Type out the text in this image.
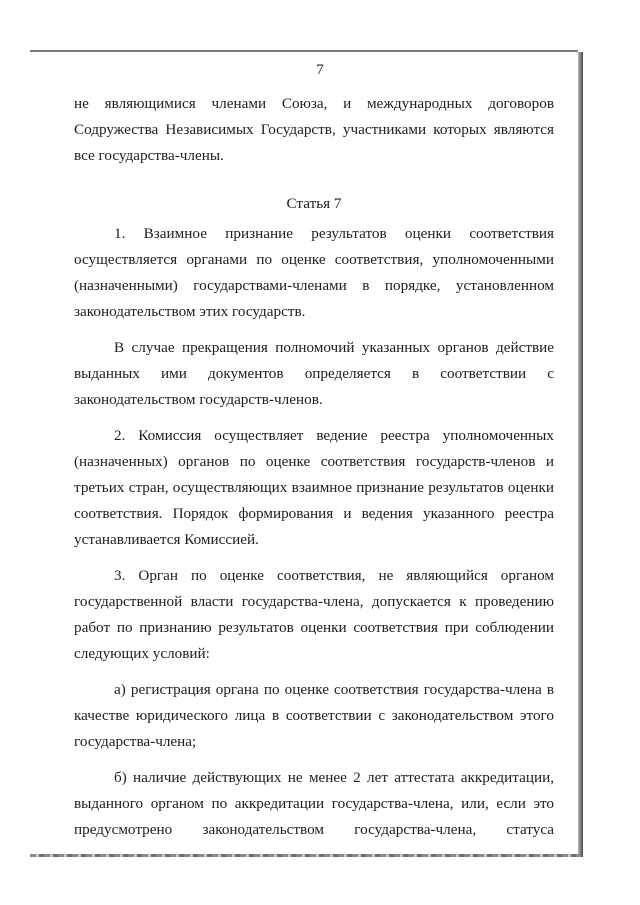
7

не являющимися членами Союза, и международных договоров Содружества Независимых Государств, участниками которых являются все государства-члены.

Статья 7

1. Взаимное признание результатов оценки соответствия осуществляется органами по оценке соответствия, уполномоченными (назначенными) государствами-членами в порядке, установленном законодательством этих государств.

В случае прекращения полномочий указанных органов действие выданных ими документов определяется в соответствии с законодательством государств-членов.

2. Комиссия осуществляет ведение реестра уполномоченных (назначенных) органов по оценке соответствия государств-членов и третьих стран, осуществляющих взаимное признание результатов оценки соответствия. Порядок формирования и ведения указанного реестра устанавливается Комиссией.

3. Орган по оценке соответствия, не являющийся органом государственной власти государства-члена, допускается к проведению работ по признанию результатов оценки соответствия при соблюдении следующих условий:

а) регистрация органа по оценке соответствия государства-члена в качестве юридического лица в соответствии с законодательством этого государства-члена;

б) наличие действующих не менее 2 лет аттестата аккредитации, выданного органом по аккредитации государства-члена, или, если это предусмотрено законодательством государства-члена, статуса
